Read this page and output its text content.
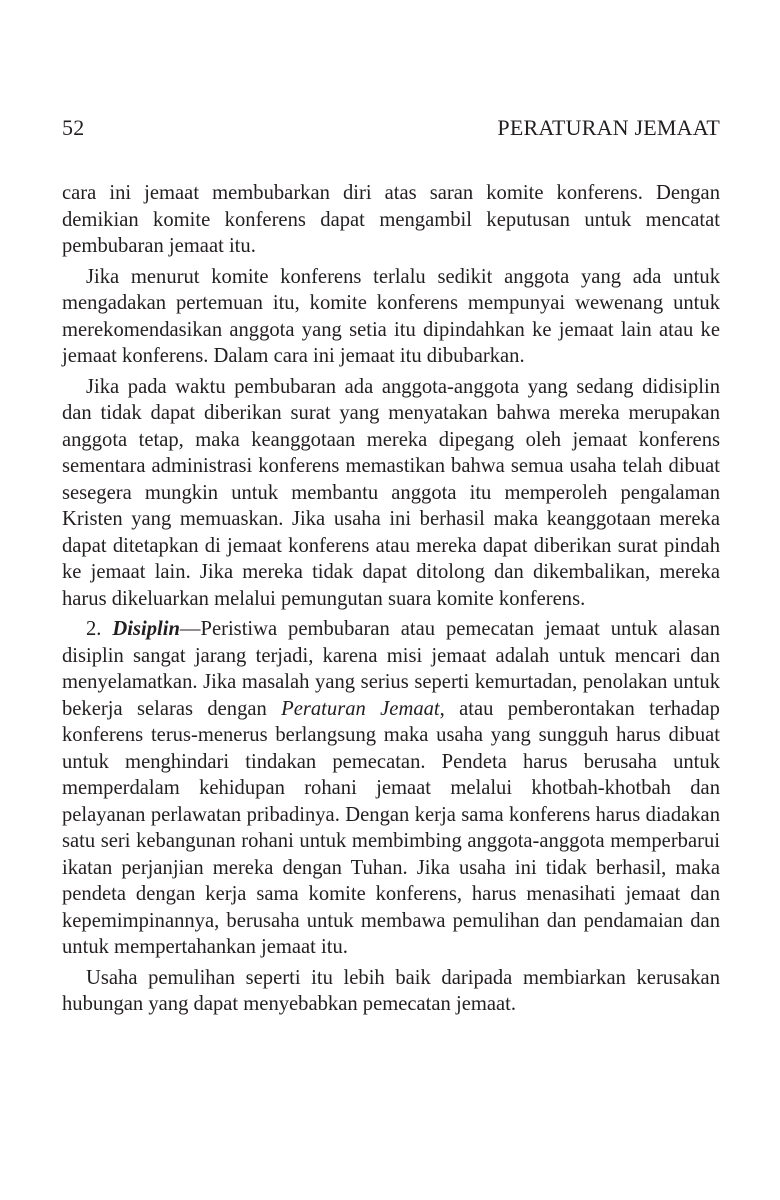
52	PERATURAN JEMAAT

cara ini jemaat membubarkan diri atas saran komite konferens. Dengan demikian komite konferens dapat mengambil keputusan untuk mencatat pembubaran jemaat itu.

Jika menurut komite konferens terlalu sedikit anggota yang ada untuk mengadakan pertemuan itu, komite konferens mempunyai wewenang untuk merekomendasikan anggota yang setia itu dipindahkan ke jemaat lain atau ke jemaat konferens. Dalam cara ini jemaat itu dibubarkan.

Jika pada waktu pembubaran ada anggota-anggota yang sedang didisiplin dan tidak dapat diberikan surat yang menyatakan bahwa mereka merupakan anggota tetap, maka keanggotaan mereka dipegang oleh jemaat konferens sementara administrasi konferens memastikan bahwa semua usaha telah dibuat sesegera mungkin untuk membantu anggota itu memperoleh pengalaman Kristen yang memuaskan. Jika usaha ini berhasil maka keanggotaan mereka dapat ditetapkan di jemaat konferens atau mereka dapat diberikan surat pindah ke jemaat lain. Jika mereka tidak dapat ditolong dan dikembalikan, mereka harus dikeluarkan melalui pemungutan suara komite konferens.

2. Disiplin—Peristiwa pembubaran atau pemecatan jemaat untuk alasan disiplin sangat jarang terjadi, karena misi jemaat adalah untuk mencari dan menyelamatkan. Jika masalah yang serius seperti kemurtadan, penolakan untuk bekerja selaras dengan Peraturan Jemaat, atau pemberontakan terhadap konferens terus-menerus berlangsung maka usaha yang sungguh harus dibuat untuk menghindari tindakan pemecatan. Pendeta harus berusaha untuk memperdalam kehidupan rohani jemaat melalui khotbah-khotbah dan pelayanan perlawatan pribadinya. Dengan kerja sama konferens harus diadakan satu seri kebangunan rohani untuk membimbing anggota-anggota memperbarui ikatan perjanjian mereka dengan Tuhan. Jika usaha ini tidak berhasil, maka pendeta dengan kerja sama komite konferens, harus menasihati jemaat dan kepemimpinannya, berusaha untuk membawa pemulihan dan pendamaian dan untuk mempertahankan jemaat itu.

Usaha pemulihan seperti itu lebih baik daripada membiarkan kerusakan hubungan yang dapat menyebabkan pemecatan jemaat.
